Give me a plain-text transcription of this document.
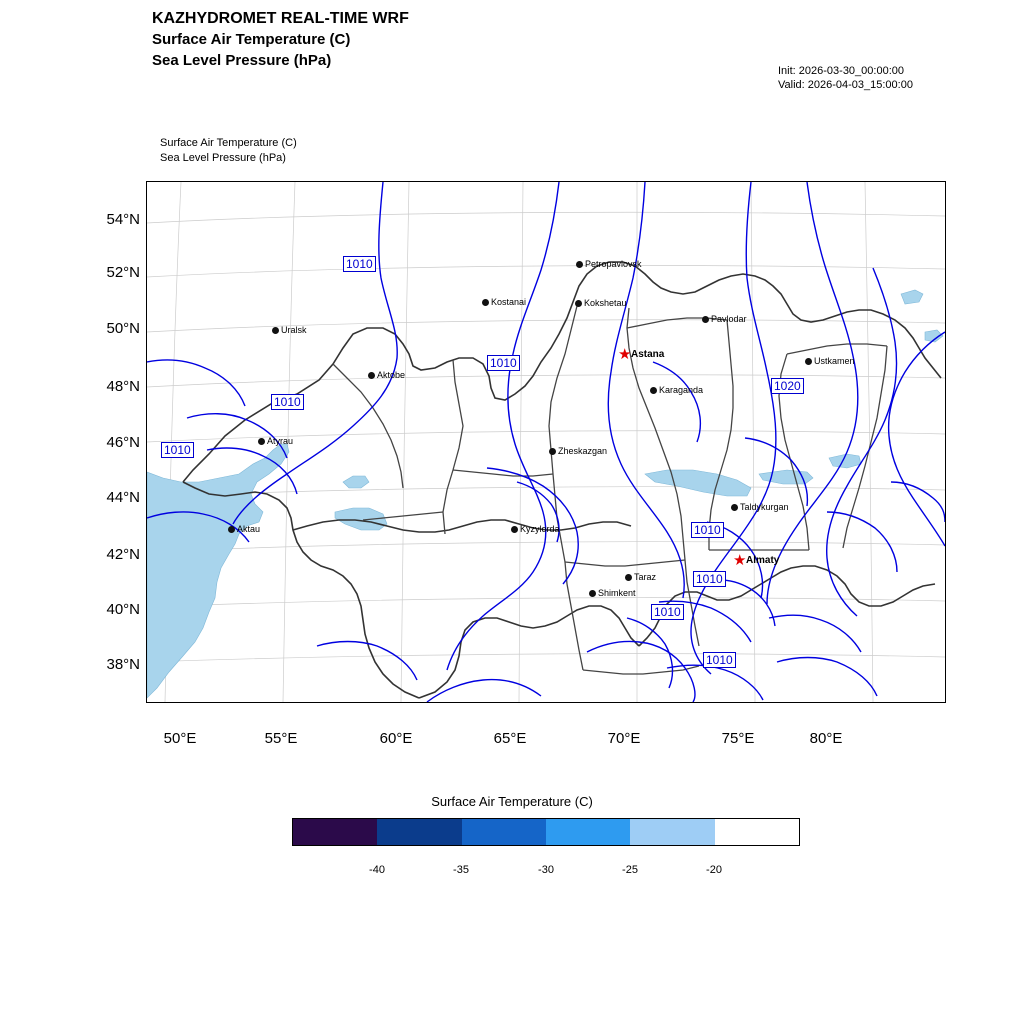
KAZHYDROMET REAL-TIME WRF
Surface Air Temperature (C)
Sea Level Pressure (hPa)
Init: 2026-03-30_00:00:00
Valid: 2026-04-03_15:00:00
Surface Air Temperature (C)
Sea Level Pressure (hPa)
54°N
52°N
50°N
48°N
46°N
44°N
42°N
40°N
38°N
50°E	55°E	60°E	65°E	70°E	75°E	80°E
1010
1010
1010
1010
1020
1010
1010
1010
1010
Petropavlovsk
Kostanai	Kokshetau
Pavlodar
Uralsk
Ustkamen
Aktobe
Karaganda
Atyrau
Zheskazgan
Taldykurgan
Aktau	Kyzylorda
Taraz
Shimkent
★ Astana
★ Almaty
Surface Air Temperature (C)
-40	-35	-30	-25	-20
